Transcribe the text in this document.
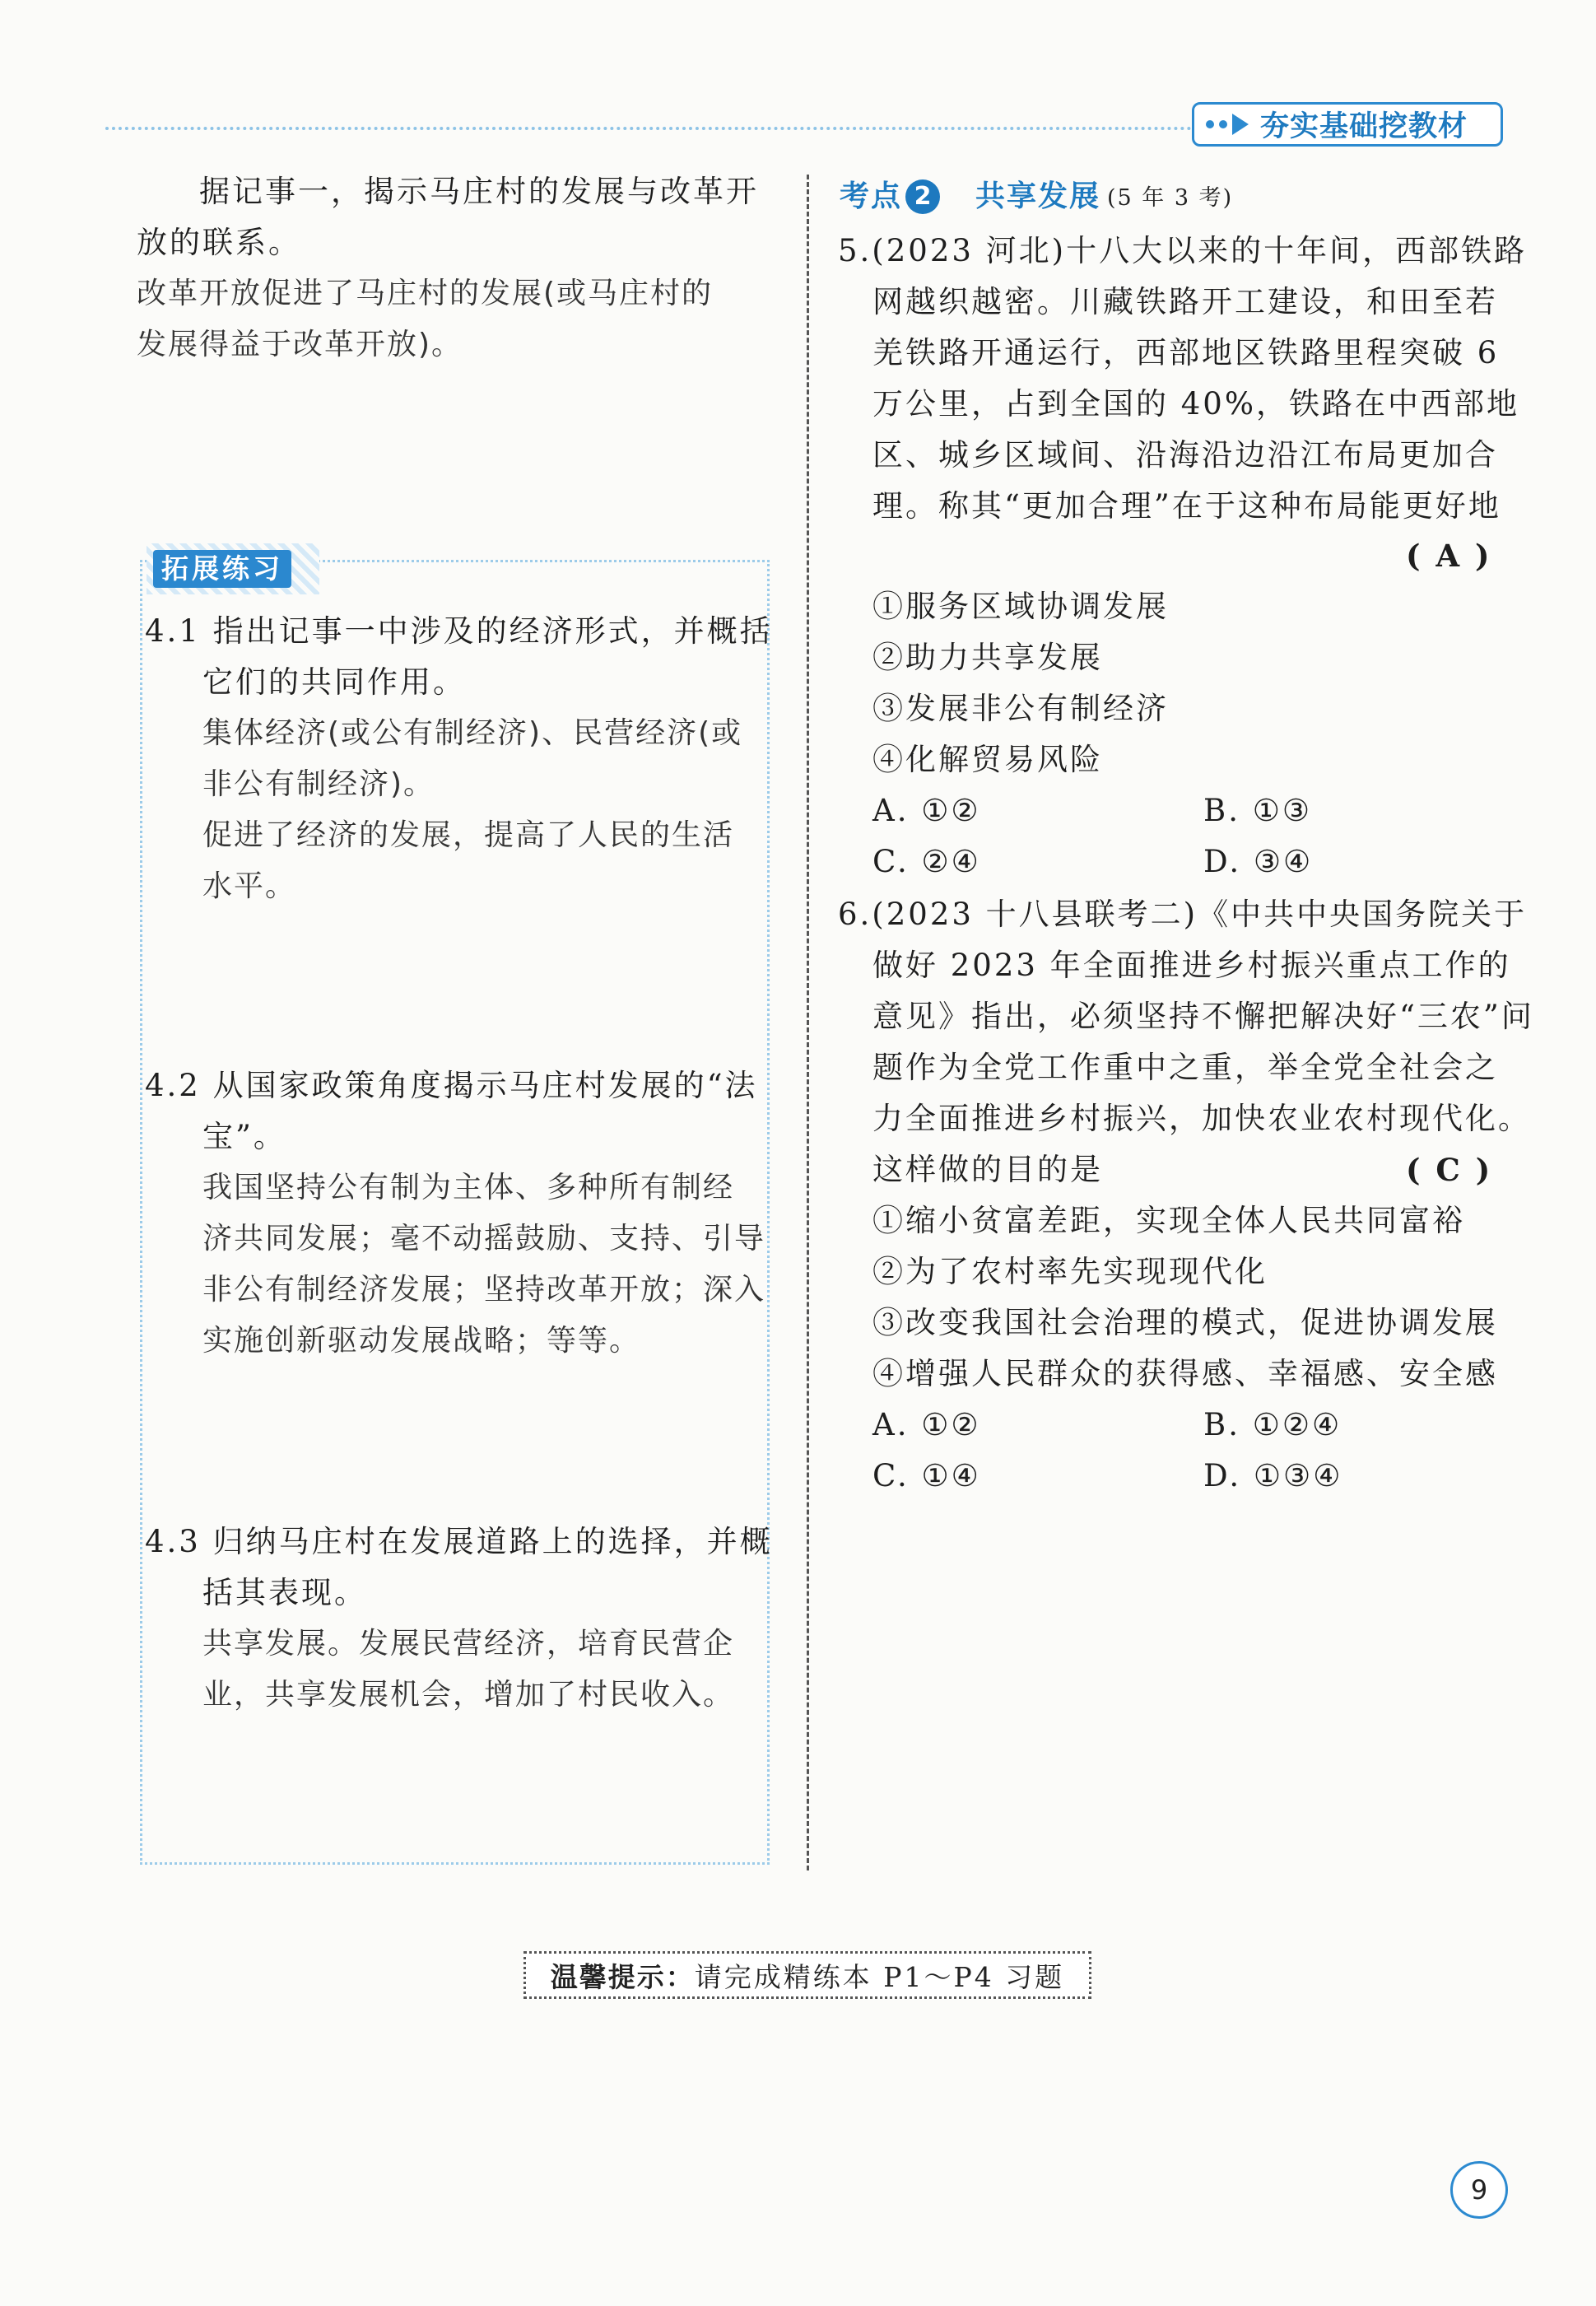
夯实基础挖教材
据记事一，揭示马庄村的发展与改革开
放的联系。
改革开放促进了马庄村的发展(或马庄村的
发展得益于改革开放)。
拓展练习
4.1 指出记事一中涉及的经济形式，并概括
它们的共同作用。
集体经济(或公有制经济)、民营经济(或
非公有制经济)。
促进了经济的发展，提高了人民的生活
水平。
4.2 从国家政策角度揭示马庄村发展的“法
宝”。
我国坚持公有制为主体、多种所有制经
济共同发展；毫不动摇鼓励、支持、引导
非公有制经济发展；坚持改革开放；深入
实施创新驱动发展战略；等等。
4.3 归纳马庄村在发展道路上的选择，并概
括其表现。
共享发展。发展民营经济，培育民营企
业，共享发展机会，增加了村民收入。
考点 2 共享发展 (5 年 3 考)
5.(2023 河北)十八大以来的十年间，西部铁路
网越织越密。川藏铁路开工建设，和田至若
羌铁路开通运行，西部地区铁路里程突破 6
万公里，占到全国的 40%，铁路在中西部地
区、城乡区域间、沿海沿边沿江布局更加合
理。称其“更加合理”在于这种布局能更好地
( A )
①服务区域协调发展
②助力共享发展
③发展非公有制经济
④化解贸易风险
A. ①②	B. ①③
C. ②④	D. ③④
6.(2023 十八县联考二)《中共中央国务院关于
做好 2023 年全面推进乡村振兴重点工作的
意见》指出，必须坚持不懈把解决好“三农”问
题作为全党工作重中之重，举全党全社会之
力全面推进乡村振兴，加快农业农村现代化。
这样做的目的是	( C )
①缩小贫富差距，实现全体人民共同富裕
②为了农村率先实现现代化
③改变我国社会治理的模式，促进协调发展
④增强人民群众的获得感、幸福感、安全感
A. ①②	B. ①②④
C. ①④	D. ①③④
温馨提示： 请完成精练本 P1～P4 习题
9
